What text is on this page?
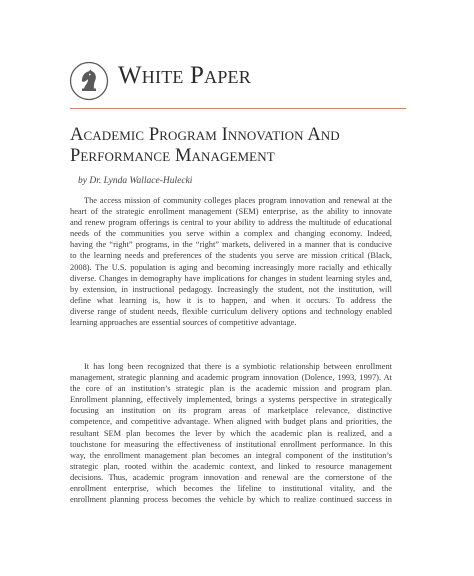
White Paper
Academic Program Innovation And
Performance Management
by Dr. Lynda Wallace-Hulecki
The access mission of community colleges places program innovation and renewal at the
heart of the strategic enrollment management (SEM) enterprise, as the ability to innovate
and renew program offerings is central to your ability to address the multitude of educational
needs of the communities you serve within a complex and changing economy. Indeed,
having the “right” programs, in the “right” markets, delivered in a manner that is conducive
to the learning needs and preferences of the students you serve are mission critical (Black,
2008). The U.S. population is aging and becoming increasingly more racially and ethically
diverse. Changes in demography have implications for changes in student learning styles and,
by extension, in instructional pedagogy. Increasingly the student, not the institution, will
define what learning is, how it is to happen, and when it occurs. To address the
diverse range of student needs, flexible curriculum delivery options and technology enabled
learning approaches are essential sources of competitive advantage.
It has long been recognized that there is a symbiotic relationship between enrollment
management, strategic planning and academic program innovation (Dolence, 1993, 1997). At
the core of an institution’s strategic plan is the academic mission and program plan.
Enrollment planning, effectively implemented, brings a systems perspective in strategically
focusing an institution on its program areas of marketplace relevance, distinctive
competence, and competitive advantage. When aligned with budget plans and priorities, the
resultant SEM plan becomes the lever by which the academic plan is realized, and a
touchstone for measuring the effectiveness of institutional enrollment performance. In this
way, the enrollment management plan becomes an integral component of the institution’s
strategic plan, rooted within the academic context, and linked to resource management
decisions. Thus, academic program innovation and renewal are the cornerstone of the
enrollment enterprise, which becomes the lifeline to institutional vitality, and the
enrollment planning process becomes the vehicle by which to realize continued success in
